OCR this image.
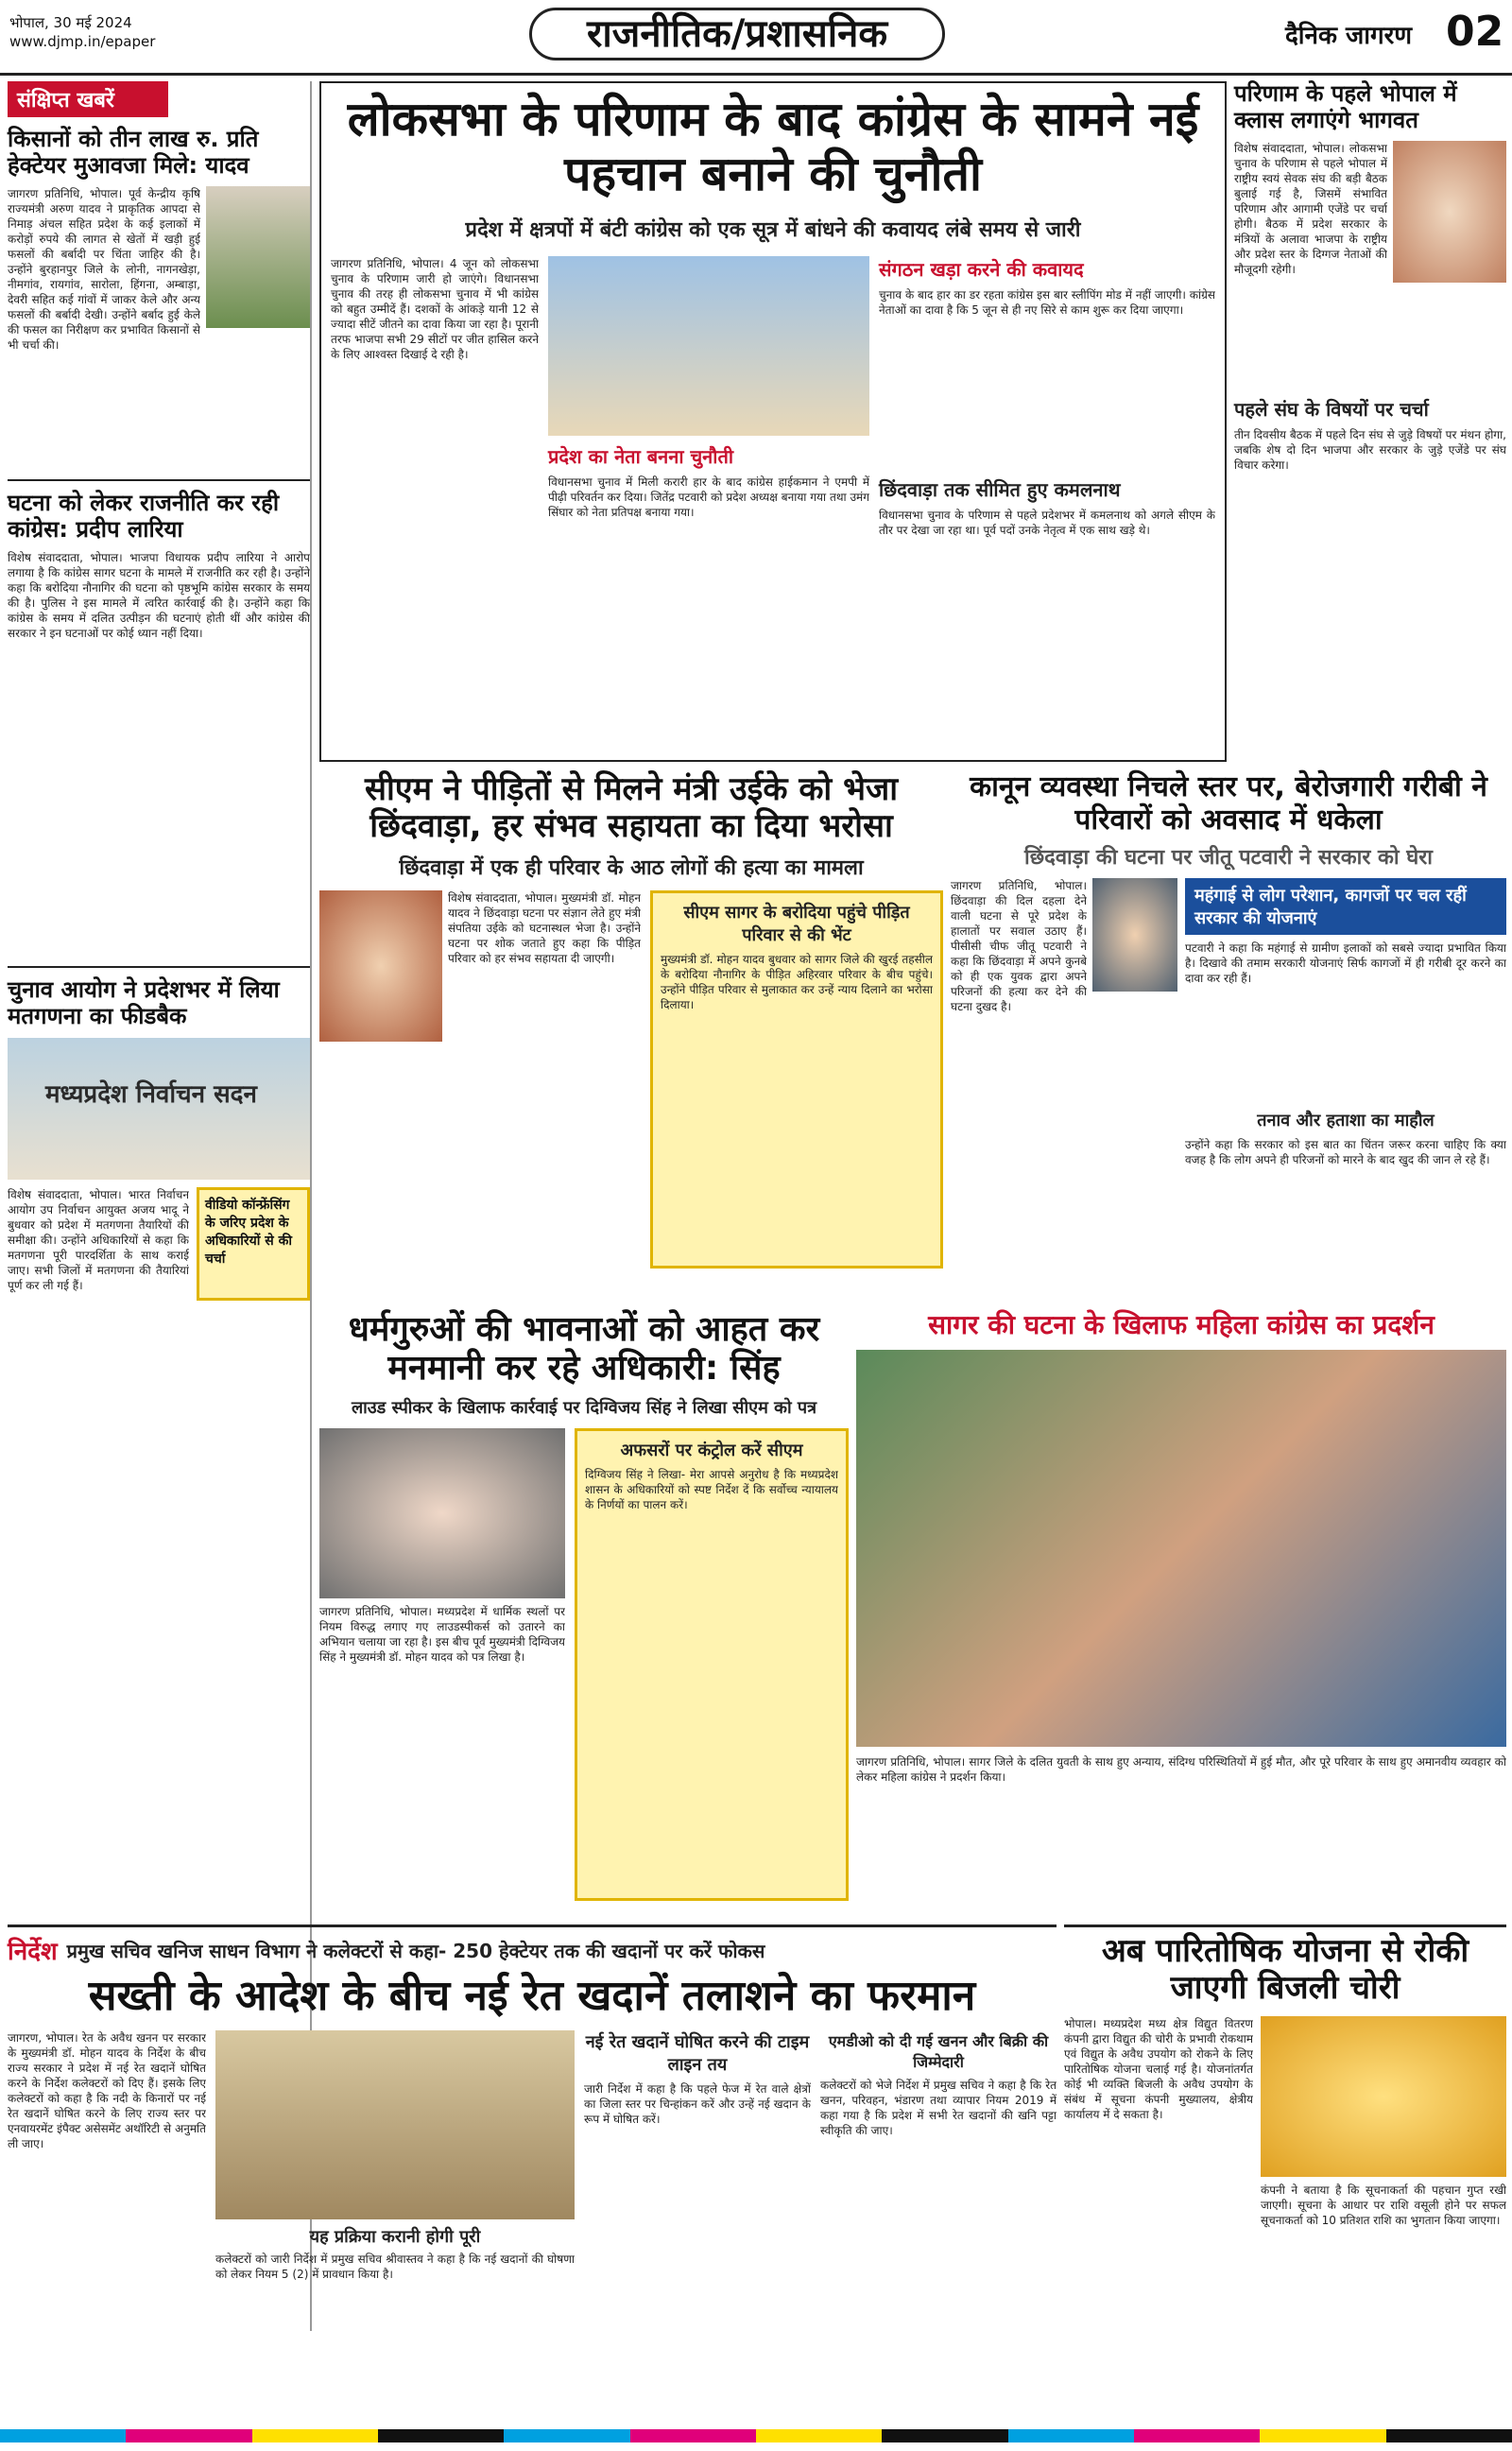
भोपाल, 30 मई 2024
www.djmp.in/epaper	राजनीतिक/प्रशासनिक	दैनिक जागरण 02
संक्षिप्त खबरें
किसानों को तीन लाख रु. प्रति हेक्टेयर मुआवजा मिले: यादव
जागरण प्रतिनिधि, भोपाल। पूर्व केन्द्रीय कृषि राज्यमंत्री अरुण यादव ने प्राकृतिक आपदा से निमाड़ अंचल सहित प्रदेश के कई इलाकों में करोड़ों रुपये की लागत से खेतों में खड़ी हुई फसलों की बर्बादी पर चिंता जाहिर की है। उन्होंने बुरहानपुर जिले के लोनी, नागनखेड़ा, नीमगांव, रायगांव, सारोला, हिंगना, अम्बाड़ा, देवरी सहित कई गांवों में जाकर केले और अन्य फसलों की बर्बादी देखी। उन्होंने बर्बाद हुई केले की फसल का निरीक्षण कर प्रभावित किसानों से भी चर्चा की।
घटना को लेकर राजनीति कर रही कांग्रेस: प्रदीप लारिया
विशेष संवाददाता, भोपाल। भाजपा विधायक प्रदीप लारिया ने आरोप लगाया है कि कांग्रेस सागर घटना के मामले में राजनीति कर रही है। उन्होंने कहा कि बरोदिया नौनागिर की घटना को पृष्ठभूमि कांग्रेस सरकार के समय की है। पुलिस ने इस मामले में त्वरित कार्रवाई की है। उन्होंने कहा कि कांग्रेस के समय में दलित उत्पीड़न की घटनाएं होती थीं और कांग्रेस की सरकार ने इन घटनाओं पर कोई ध्यान नहीं दिया।
चुनाव आयोग ने प्रदेशभर में लिया मतगणना का फीडबैक
मध्यप्रदेश निर्वाचन सदन
विशेष संवाददाता, भोपाल। भारत निर्वाचन आयोग उप निर्वाचन आयुक्त अजय भादू ने बुधवार को प्रदेश में मतगणना तैयारियों की समीक्षा की। उन्होंने अधिकारियों से कहा कि मतगणना पूरी पारदर्शिता के साथ कराई जाए। सभी जिलों में मतगणना की तैयारियां पूर्ण कर ली गई हैं।
वीडियो कॉन्फ्रेंसिंग के जरिए प्रदेश के अधिकारियों से की चर्चा
लोकसभा के परिणाम के बाद कांग्रेस के सामने नई पहचान बनाने की चुनौती
प्रदेश में क्षत्रपों में बंटी कांग्रेस को एक सूत्र में बांधने की कवायद लंबे समय से जारी
जागरण प्रतिनिधि, भोपाल। 4 जून को लोकसभा चुनाव के परिणाम जारी हो जाएंगे। विधानसभा चुनाव की तरह ही लोकसभा चुनाव में भी कांग्रेस को बहुत उम्मीदें हैं। दशकों के आंकड़े यानी 12 से ज्यादा सीटें जीतने का दावा किया जा रहा है। पूरानी तरफ भाजपा सभी 29 सीटों पर जीत हासिल करने के लिए आश्वस्त दिखाई दे रही है।
प्रदेश का नेता बनना चुनौती
विधानसभा चुनाव में मिली करारी हार के बाद कांग्रेस हाईकमान ने एमपी में पीढ़ी परिवर्तन कर दिया। जितेंद्र पटवारी को प्रदेश अध्यक्ष बनाया गया तथा उमंग सिंघार को नेता प्रतिपक्ष बनाया गया।
संगठन खड़ा करने की कवायद
चुनाव के बाद हार का डर रहता कांग्रेस इस बार स्लीपिंग मोड में नहीं जाएगी। कांग्रेस नेताओं का दावा है कि 5 जून से ही नए सिरे से काम शुरू कर दिया जाएगा।
छिंदवाड़ा तक सीमित हुए कमलनाथ
विधानसभा चुनाव के परिणाम से पहले प्रदेशभर में कमलनाथ को अगले सीएम के तौर पर देखा जा रहा था। पूर्व पदों उनके नेतृत्व में एक साथ खड़े थे।
परिणाम के पहले भोपाल में क्लास लगाएंगे भागवत
विशेष संवाददाता, भोपाल। लोकसभा चुनाव के परिणाम से पहले भोपाल में राष्ट्रीय स्वयं सेवक संघ की बड़ी बैठक बुलाई गई है, जिसमें संभावित परिणाम और आगामी एजेंडे पर चर्चा होगी। बैठक में प्रदेश सरकार के मंत्रियों के अलावा भाजपा के राष्ट्रीय और प्रदेश स्तर के दिग्गज नेताओं की मौजूदगी रहेगी।
पहले संघ के विषयों पर चर्चा
तीन दिवसीय बैठक में पहले दिन संघ से जुड़े विषयों पर मंथन होगा, जबकि शेष दो दिन भाजपा और सरकार के जुड़े एजेंडे पर संघ विचार करेगा।
सीएम ने पीड़ितों से मिलने मंत्री उईके को भेजा छिंदवाड़ा, हर संभव सहायता का दिया भरोसा
छिंदवाड़ा में एक ही परिवार के आठ लोगों की हत्या का मामला
विशेष संवाददाता, भोपाल। मुख्यमंत्री डॉ. मोहन यादव ने छिंदवाड़ा घटना पर संज्ञान लेते हुए मंत्री संपतिया उईके को घटनास्थल भेजा है। उन्होंने घटना पर शोक जताते हुए कहा कि पीड़ित परिवार को हर संभव सहायता दी जाएगी।
सीएम सागर के बरोदिया पहुंचे पीड़ित परिवार से की भेंट
मुख्यमंत्री डॉ. मोहन यादव बुधवार को सागर जिले की खुरई तहसील के बरोदिया नौनागिर के पीड़ित अहिरवार परिवार के बीच पहुंचे। उन्होंने पीड़ित परिवार से मुलाकात कर उन्हें न्याय दिलाने का भरोसा दिलाया।
कानून व्यवस्था निचले स्तर पर, बेरोजगारी गरीबी ने परिवारों को अवसाद में धकेला
छिंदवाड़ा की घटना पर जीतू पटवारी ने सरकार को घेरा
जागरण प्रतिनिधि, भोपाल। छिंदवाड़ा की दिल दहला देने वाली घटना से पूरे प्रदेश के हालातों पर सवाल उठाए हैं। पीसीसी चीफ जीतू पटवारी ने कहा कि छिंदवाड़ा में अपने कुनबे को ही एक युवक द्वारा अपने परिजनों की हत्या कर देने की घटना दुखद है।
महंगाई से लोग परेशान, कागजों पर चल रहीं सरकार की योजनाएं
पटवारी ने कहा कि महंगाई से ग्रामीण इलाकों को सबसे ज्यादा प्रभावित किया है। दिखावे की तमाम सरकारी योजनाएं सिर्फ कागजों में ही गरीबी दूर करने का दावा कर रही हैं।
तनाव और हताशा का माहौल
उन्होंने कहा कि सरकार को इस बात का चिंतन जरूर करना चाहिए कि क्या वजह है कि लोग अपने ही परिजनों को मारने के बाद खुद की जान ले रहे हैं।
धर्मगुरुओं की भावनाओं को आहत कर मनमानी कर रहे अधिकारी: सिंह
लाउड स्पीकर के खिलाफ कार्रवाई पर दिग्विजय सिंह ने लिखा सीएम को पत्र
जागरण प्रतिनिधि, भोपाल। मध्यप्रदेश में धार्मिक स्थलों पर नियम विरुद्ध लगाए गए लाउडस्पीकर्स को उतारने का अभियान चलाया जा रहा है। इस बीच पूर्व मुख्यमंत्री दिग्विजय सिंह ने मुख्यमंत्री डॉ. मोहन यादव को पत्र लिखा है।
अफसरों पर कंट्रोल करें सीएम
दिग्विजय सिंह ने लिखा- मेरा आपसे अनुरोध है कि मध्यप्रदेश शासन के अधिकारियों को स्पष्ट निर्देश दें कि सर्वोच्च न्यायालय के निर्णयों का पालन करें।
सागर की घटना के खिलाफ महिला कांग्रेस का प्रदर्शन
जागरण प्रतिनिधि, भोपाल। सागर जिले के दलित युवती के साथ हुए अन्याय, संदिग्ध परिस्थितियों में हुई मौत, और पूरे परिवार के साथ हुए अमानवीय व्यवहार को लेकर महिला कांग्रेस ने प्रदर्शन किया।
निर्देश प्रमुख सचिव खनिज साधन विभाग ने कलेक्टरों से कहा- 250 हेक्टेयर तक की खदानों पर करें फोकस
सख्ती के आदेश के बीच नई रेत खदानें तलाशने का फरमान
जागरण, भोपाल। रेत के अवैध खनन पर सरकार के मुख्यमंत्री डॉ. मोहन यादव के निर्देश के बीच राज्य सरकार ने प्रदेश में नई रेत खदानें घोषित करने के निर्देश कलेक्टरों को दिए हैं। इसके लिए कलेक्टरों को कहा है कि नदी के किनारों पर नई रेत खदानें घोषित करने के लिए राज्य स्तर पर एनवायरमेंट इंपैक्ट असेसमेंट अथॉरिटी से अनुमति ली जाए।
यह प्रक्रिया करानी होगी पूरी
कलेक्टरों को जारी निर्देश में प्रमुख सचिव श्रीवास्तव ने कहा है कि नई खदानों की घोषणा को लेकर नियम 5 (2) में प्रावधान किया है।
नई रेत खदानें घोषित करने की टाइम लाइन तय
जारी निर्देश में कहा है कि पहले फेज में रेत वाले क्षेत्रों का जिला स्तर पर चिन्हांकन करें और उन्हें नई खदान के रूप में घोषित करें।
एमडीओ को दी गई खनन और बिक्री की जिम्मेदारी
कलेक्टरों को भेजे निर्देश में प्रमुख सचिव ने कहा है कि रेत खनन, परिवहन, भंडारण तथा व्यापार नियम 2019 में कहा गया है कि प्रदेश में सभी रेत खदानों की खनि पट्टा स्वीकृति की जाए।
अब पारितोषिक योजना से रोकी जाएगी बिजली चोरी
भोपाल। मध्यप्रदेश मध्य क्षेत्र विद्युत वितरण कंपनी द्वारा विद्युत की चोरी के प्रभावी रोकथाम एवं विद्युत के अवैध उपयोग को रोकने के लिए पारितोषिक योजना चलाई गई है। योजनांतर्गत कोई भी व्यक्ति बिजली के अवैध उपयोग के संबंध में सूचना कंपनी मुख्यालय, क्षेत्रीय कार्यालय में दे सकता है।
कंपनी ने बताया है कि सूचनाकर्ता की पहचान गुप्त रखी जाएगी। सूचना के आधार पर राशि वसूली होने पर सफल सूचनाकर्ता को 10 प्रतिशत राशि का भुगतान किया जाएगा।
